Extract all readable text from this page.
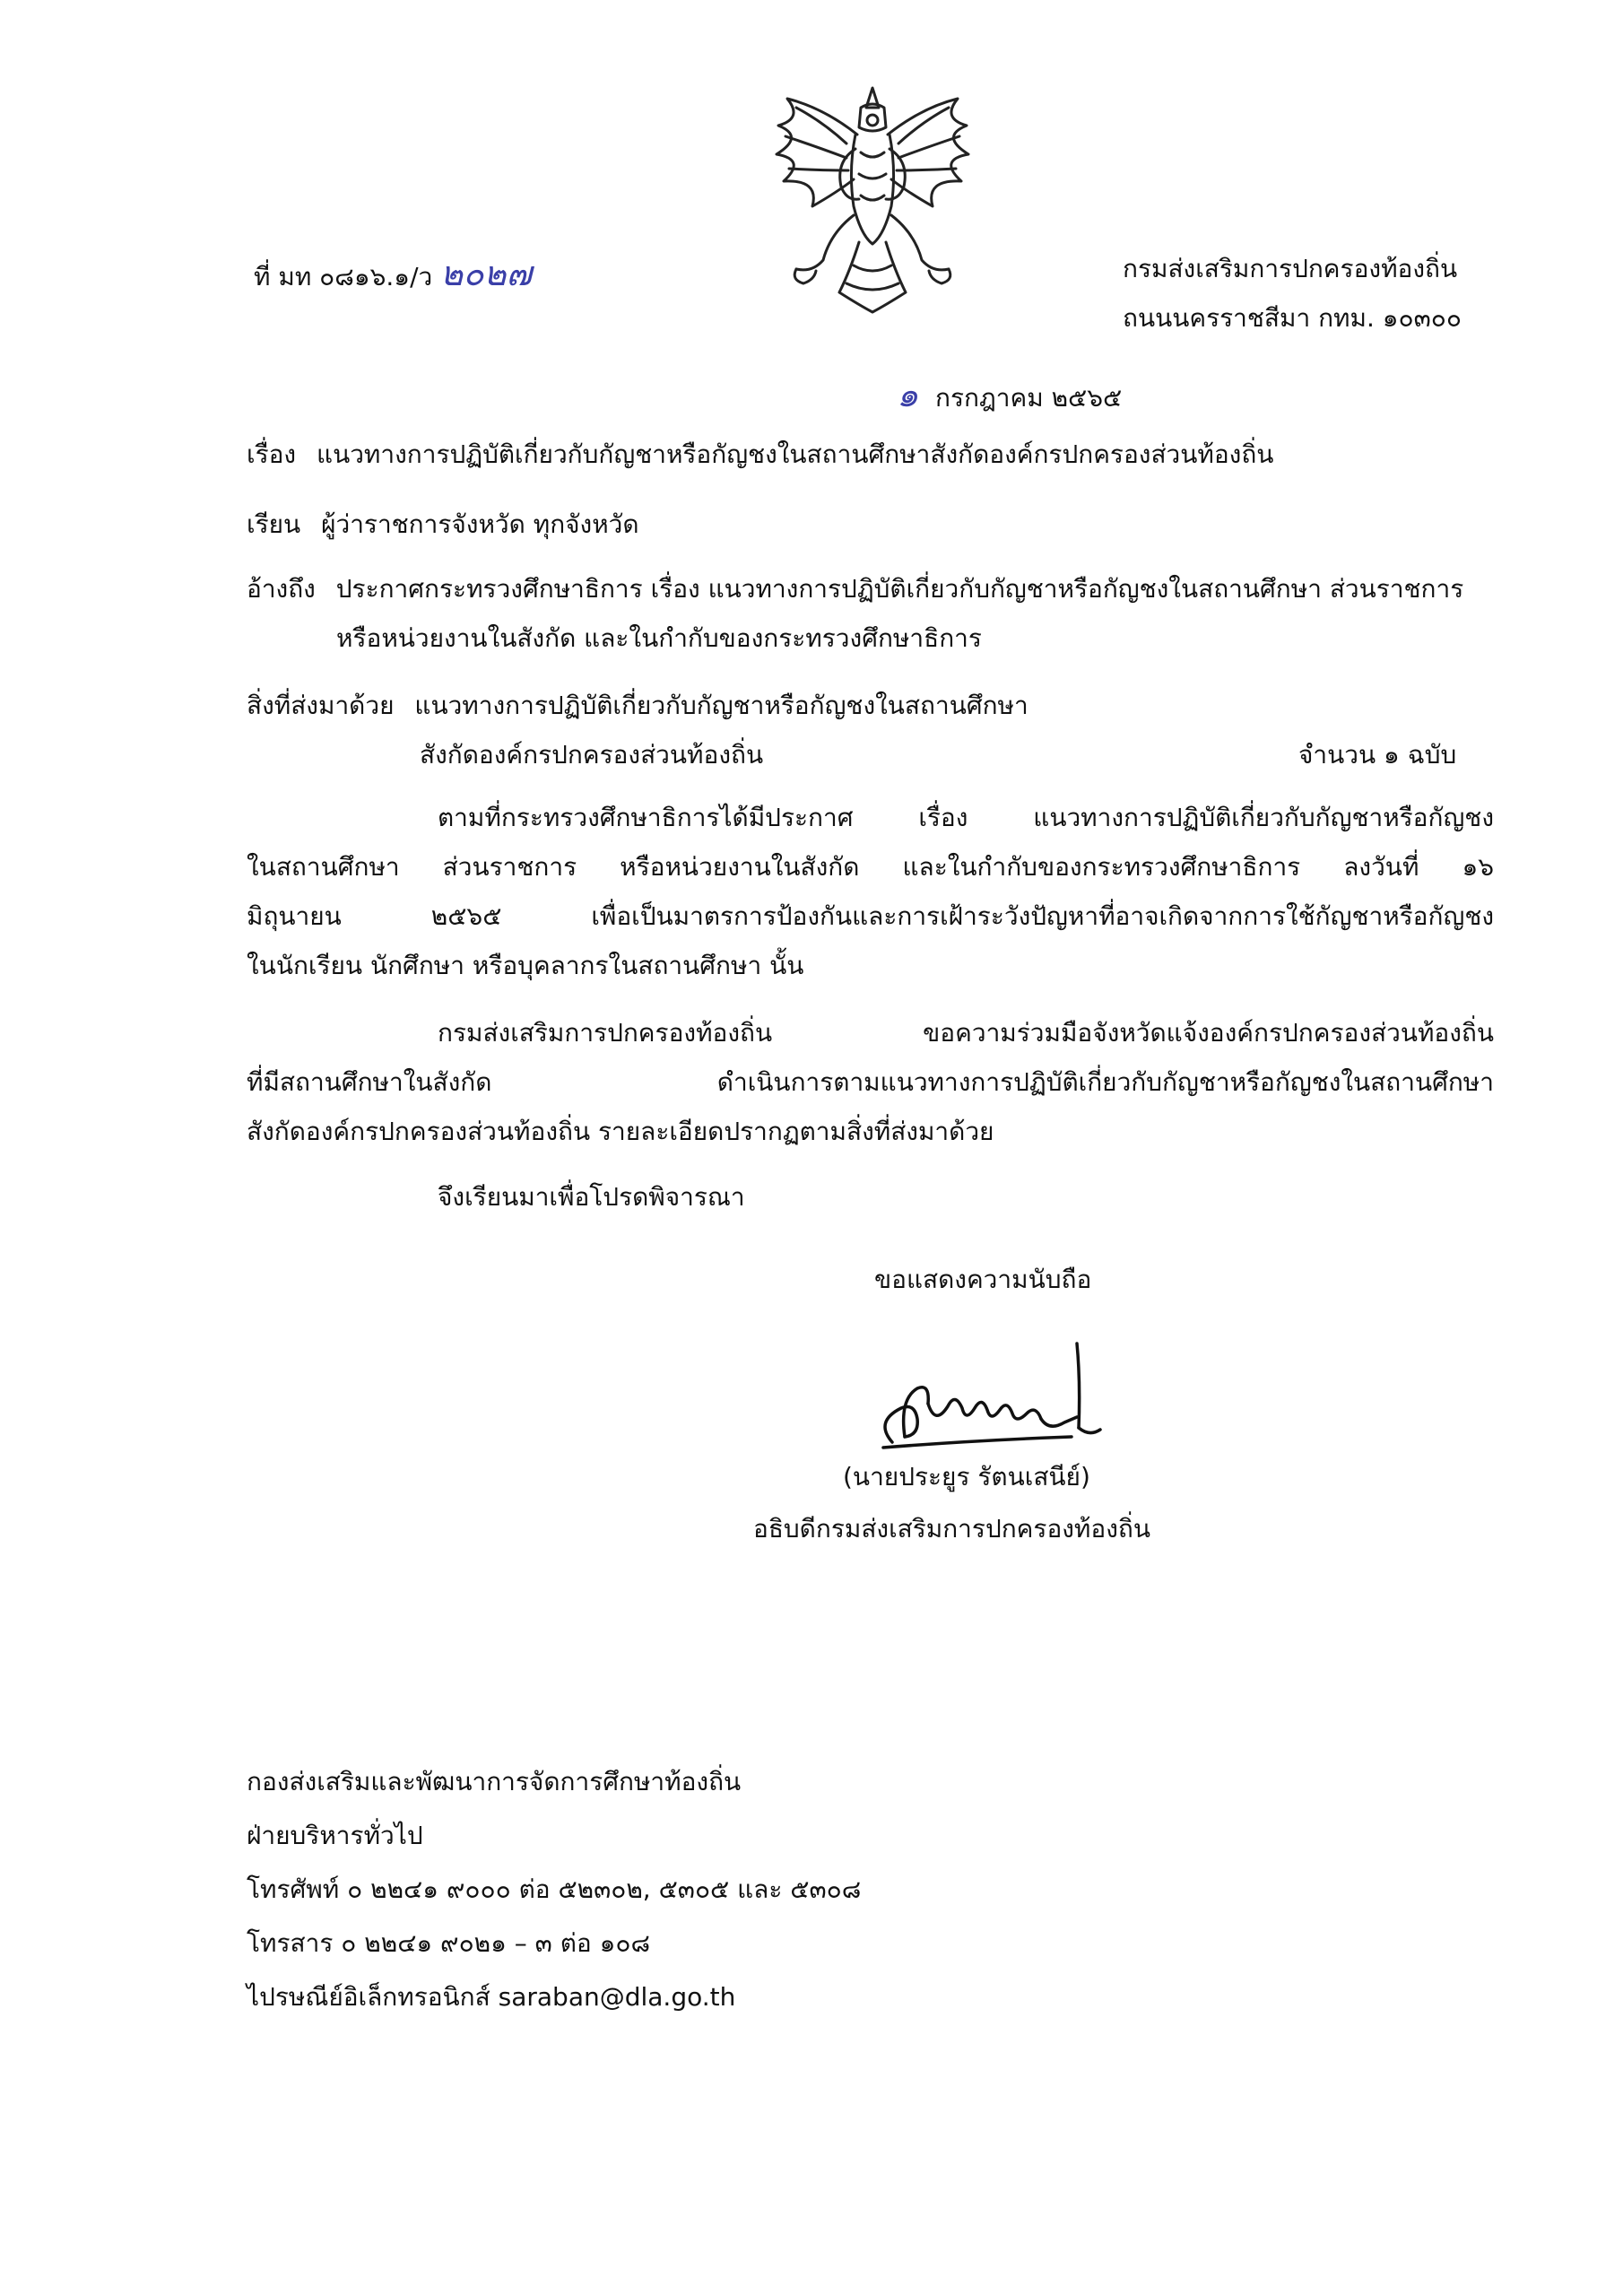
ที่ มท ๐๘๑๖.๑/ว ๒๐๒๗	กรมส่งเสริมการปกครองท้องถิ่น
ถนนนครราชสีมา กทม. ๑๐๓๐๐
๑ กรกฎาคม ๒๕๖๕
เรื่อง แนวทางการปฏิบัติเกี่ยวกับกัญชาหรือกัญชงในสถานศึกษาสังกัดองค์กรปกครองส่วนท้องถิ่น
เรียน ผู้ว่าราชการจังหวัด ทุกจังหวัด
อ้างถึง ประกาศกระทรวงศึกษาธิการ เรื่อง แนวทางการปฏิบัติเกี่ยวกับกัญชาหรือกัญชงในสถานศึกษา ส่วนราชการ
หรือหน่วยงานในสังกัด และในกำกับของกระทรวงศึกษาธิการ
สิ่งที่ส่งมาด้วย แนวทางการปฏิบัติเกี่ยวกับกัญชาหรือกัญชงในสถานศึกษา
สังกัดองค์กรปกครองส่วนท้องถิ่น	จำนวน ๑ ฉบับ
ตามที่กระทรวงศึกษาธิการได้มีประกาศ เรื่อง แนวทางการปฏิบัติเกี่ยวกับกัญชาหรือกัญชง
ในสถานศึกษา ส่วนราชการ หรือหน่วยงานในสังกัด และในกำกับของกระทรวงศึกษาธิการ ลงวันที่ ๑๖
มิถุนายน ๒๕๖๕ เพื่อเป็นมาตรการป้องกันและการเฝ้าระวังปัญหาที่อาจเกิดจากการใช้กัญชาหรือกัญชง
ในนักเรียน นักศึกษา หรือบุคลากรในสถานศึกษา นั้น
กรมส่งเสริมการปกครองท้องถิ่น ขอความร่วมมือจังหวัดแจ้งองค์กรปกครองส่วนท้องถิ่น
ที่มีสถานศึกษาในสังกัด ดำเนินการตามแนวทางการปฏิบัติเกี่ยวกับกัญชาหรือกัญชงในสถานศึกษา
สังกัดองค์กรปกครองส่วนท้องถิ่น รายละเอียดปรากฏตามสิ่งที่ส่งมาด้วย
จึงเรียนมาเพื่อโปรดพิจารณา
ขอแสดงความนับถือ
(นายประยูร รัตนเสนีย์)
อธิบดีกรมส่งเสริมการปกครองท้องถิ่น
กองส่งเสริมและพัฒนาการจัดการศึกษาท้องถิ่น
ฝ่ายบริหารทั่วไป
โทรศัพท์ ๐ ๒๒๔๑ ๙๐๐๐ ต่อ ๕๒๓๐๒, ๕๓๐๕ และ ๕๓๐๘
โทรสาร ๐ ๒๒๔๑ ๙๐๒๑ – ๓ ต่อ ๑๐๘
ไปรษณีย์อิเล็กทรอนิกส์ saraban@dla.go.th
